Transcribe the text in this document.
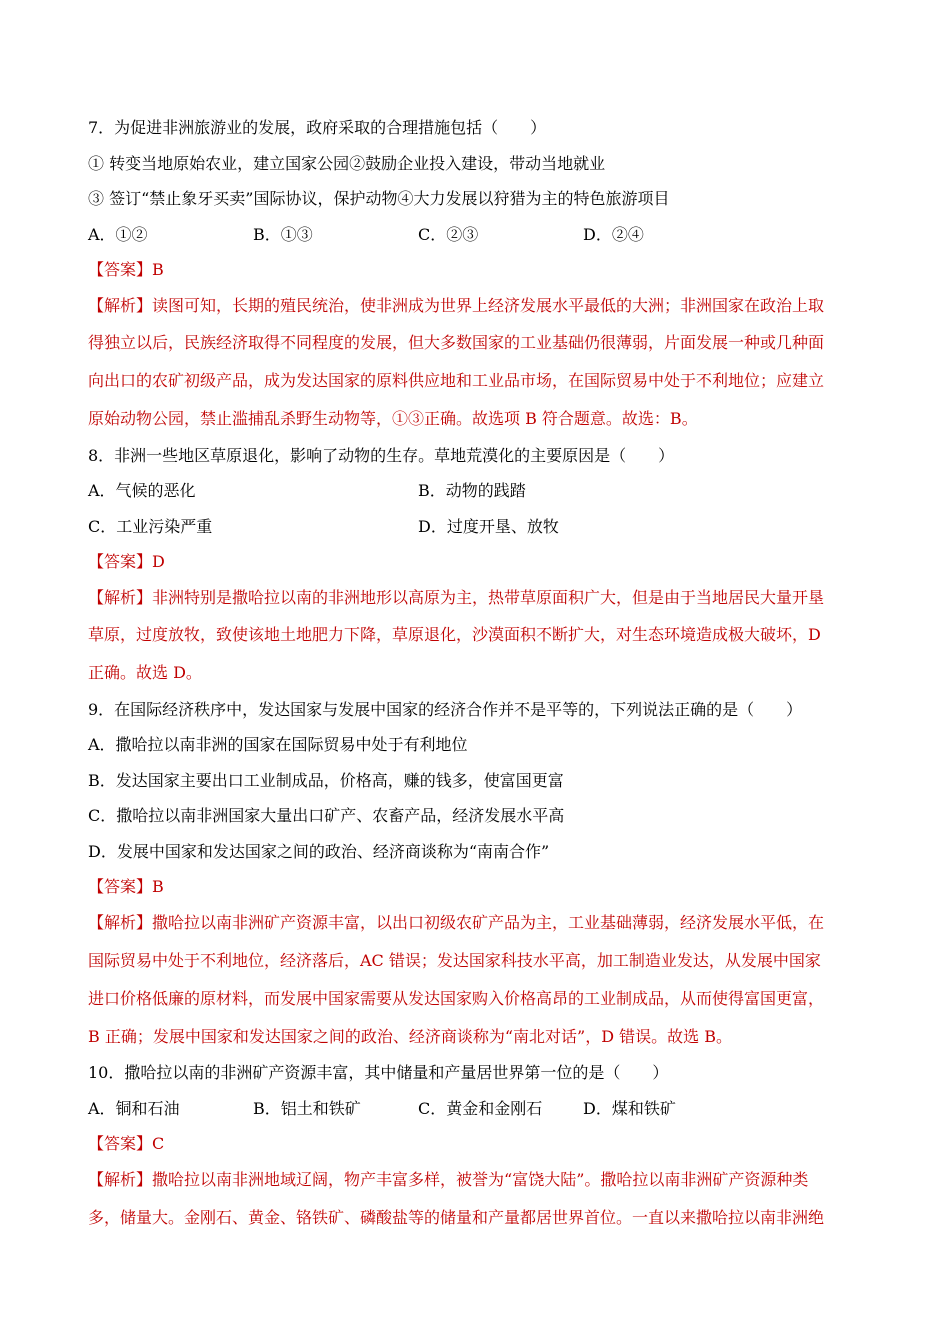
7．为促进非洲旅游业的发展，政府采取的合理措施包括（　　）
① 转变当地原始农业，建立国家公园②鼓励企业投入建设，带动当地就业
③ 签订“禁止象牙买卖”国际协议，保护动物④大力发展以狩猎为主的特色旅游项目
A．①②	B．①③	C．②③	D．②④
【答案】B
【解析】读图可知，长期的殖民统治，使非洲成为世界上经济发展水平最低的大洲；非洲国家在政治上取
得独立以后，民族经济取得不同程度的发展，但大多数国家的工业基础仍很薄弱，片面发展一种或几种面
向出口的农矿初级产品，成为发达国家的原料供应地和工业品市场，在国际贸易中处于不利地位；应建立
原始动物公园，禁止滥捕乱杀野生动物等，①③正确。故选项 B 符合题意。故选：B。
8．非洲一些地区草原退化，影响了动物的生存。草地荒漠化的主要原因是（　　）
A．气候的恶化	B．动物的践踏
C．工业污染严重	D．过度开垦、放牧
【答案】D
【解析】非洲特别是撒哈拉以南的非洲地形以高原为主，热带草原面积广大，但是由于当地居民大量开垦
草原，过度放牧，致使该地土地肥力下降，草原退化，沙漠面积不断扩大，对生态环境造成极大破坏，D
正确。故选 D。
9．在国际经济秩序中，发达国家与发展中国家的经济合作并不是平等的，下列说法正确的是（　　）
A．撒哈拉以南非洲的国家在国际贸易中处于有利地位
B．发达国家主要出口工业制成品，价格高，赚的钱多，使富国更富
C．撒哈拉以南非洲国家大量出口矿产、农畜产品，经济发展水平高
D．发展中国家和发达国家之间的政治、经济商谈称为“南南合作”
【答案】B
【解析】撒哈拉以南非洲矿产资源丰富，以出口初级农矿产品为主，工业基础薄弱，经济发展水平低，在
国际贸易中处于不利地位，经济落后，AC 错误；发达国家科技水平高，加工制造业发达，从发展中国家
进口价格低廉的原材料，而发展中国家需要从发达国家购入价格高昂的工业制成品，从而使得富国更富，
B 正确；发展中国家和发达国家之间的政治、经济商谈称为“南北对话”，D 错误。故选 B。
10．撒哈拉以南的非洲矿产资源丰富，其中储量和产量居世界第一位的是（　　）
A．铜和石油	B．铝土和铁矿	C．黄金和金刚石	D．煤和铁矿
【答案】C
【解析】撒哈拉以南非洲地域辽阔，物产丰富多样，被誉为“富饶大陆”。撒哈拉以南非洲矿产资源种类
多，储量大。金刚石、黄金、铬铁矿、磷酸盐等的储量和产量都居世界首位。一直以来撒哈拉以南非洲绝
